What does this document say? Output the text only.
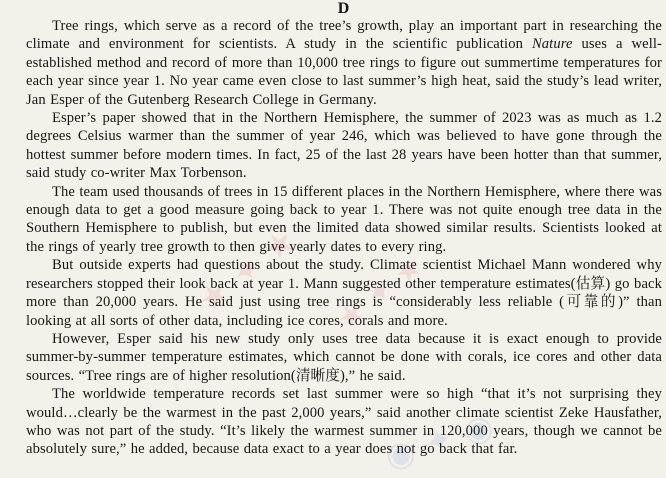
D

Tree rings, which serve as a record of the tree’s growth, play an important part in researching the climate and environment for scientists. A study in the scientific publication Nature uses a well-established method and record of more than 10,000 tree rings to figure out summertime temperatures for each year since year 1. No year came even close to last summer’s high heat, said the study’s lead writer, Jan Esper of the Gutenberg Research College in Germany.

Esper’s paper showed that in the Northern Hemisphere, the summer of 2023 was as much as 1.2 degrees Celsius warmer than the summer of year 246, which was believed to have gone through the hottest summer before modern times. In fact, 25 of the last 28 years have been hotter than that summer, said study co-writer Max Torbenson.

The team used thousands of trees in 15 different places in the Northern Hemisphere, where there was enough data to get a good measure going back to year 1. There was not quite enough tree data in the Southern Hemisphere to publish, but even the limited data showed similar results. Scientists looked at the rings of yearly tree growth to then give yearly dates to every ring.

But outside experts had questions about the study. Climate scientist Michael Mann wondered why researchers stopped their look back at year 1. Mann suggested other temperature estimates(估算) go back more than 20,000 years. He said just using tree rings is “considerably less reliable (可靠的)” than looking at all sorts of other data, including ice cores, corals and more.

However, Esper said his new study only uses tree data because it is exact enough to provide summer-by-summer temperature estimates, which cannot be done with corals, ice cores and other data sources. “Tree rings are of higher resolution(清晰度),” he said.

The worldwide temperature records set last summer were so high “that it’s not surprising they would…clearly be the warmest in the past 2,000 years,” said another climate scientist Zeke Hausfather, who was not part of the study. “It’s likely the warmest summer in 120,000 years, though we cannot be absolutely sure,” he added, because data exact to a year does not go back that far.

★ ✦ ★ ★ ✦ ★
◉ ✦ ◉
